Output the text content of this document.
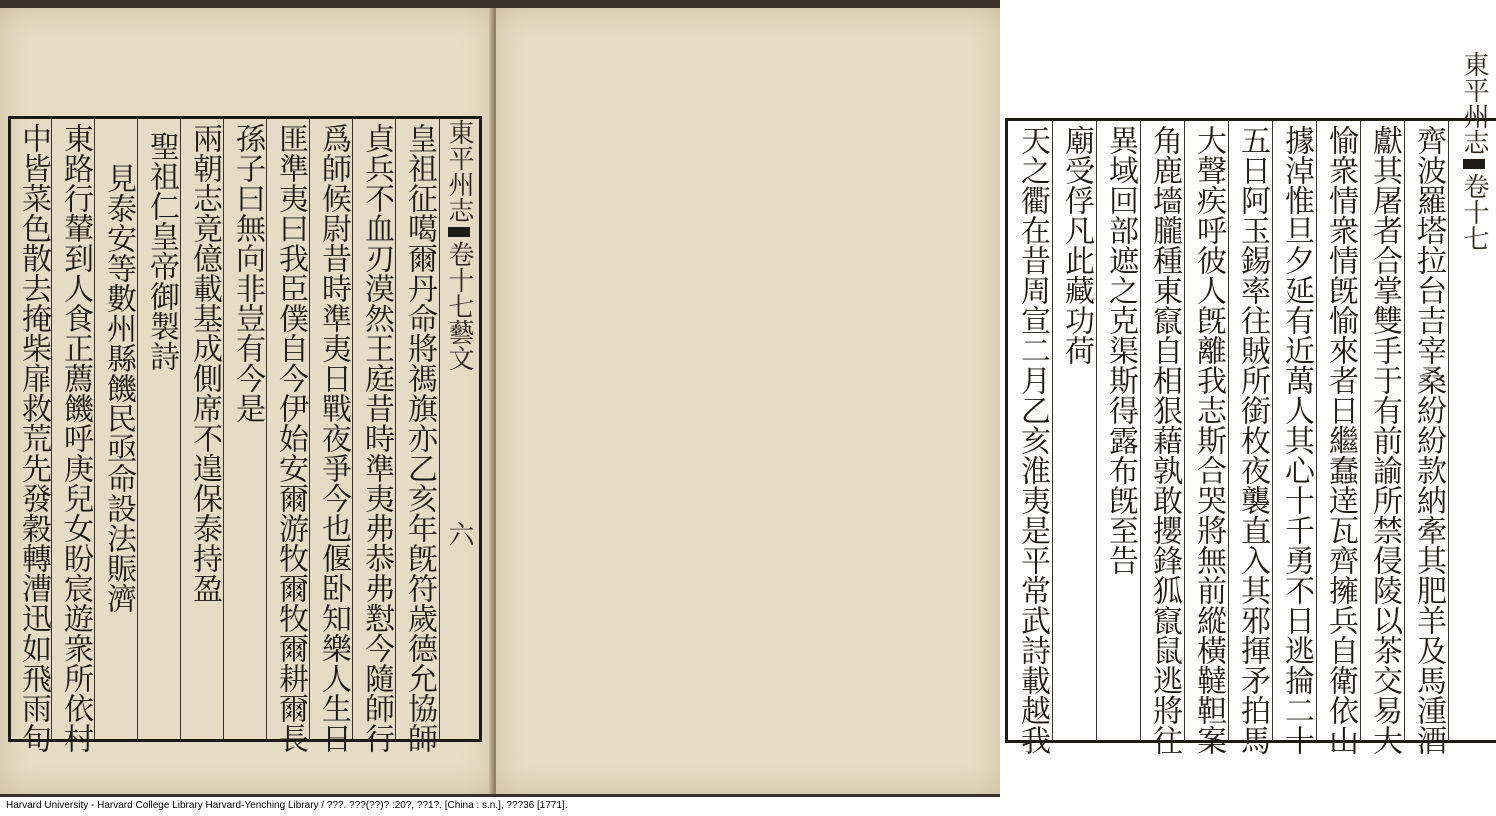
東平州志卷十七藝文六
皇祖征噶爾丹命將禡旗亦乙亥年旣符歲德允協師
貞兵不血刃漠然王庭昔時準夷弗恭弗懟今隨師行
爲師候尉昔時準夷日戰夜爭今也偃卧知樂人生日
匪準夷曰我臣僕自今伊始安爾游牧爾牧爾耕爾長
孫子曰無向非豈有今是
兩朝志竟億載基成側席不遑保泰持盈
聖祖仁皇帝御製詩
見泰安等數州縣饑民亟命設法賑濟
東路行輦到人食正薦饑呼庚兒女盼宸遊衆所依村
中皆菜色散去掩柴扉救荒先發穀轉漕迅如飛雨旬	天之衢在昔周宣二月乙亥淮夷是平常武詩載越我 廟受俘凡此藏功荷 異域回部遮之克渠斯得露布旣至告 角鹿墻朧種東竄自相狠藉孰敢攖鋒狐竄鼠逃將往 大聲疾呼彼人旣離我志斯合哭將無前縱橫韃靼案 五日阿玉錫率往賊所銜枚夜襲直入其邪揮矛拍馬 據淖惟旦夕延有近萬人其心十千勇不日逃掄二十 愉衆情衆情旣愉來者日繼蠢逹瓦齊擁兵自衛依山 獻其屠者合掌雙手于有前諭所禁侵陵以茶交易大 齊波羅塔拉台吉宰桑紛紛款納牽其肥羊及馬湩酒
東平州志卷十七
Harvard University - Harvard College Library Harvard-Yenching Library / ???. ???(??)? :20?, ??1?. [China : s.n.], ???36 [1771].
